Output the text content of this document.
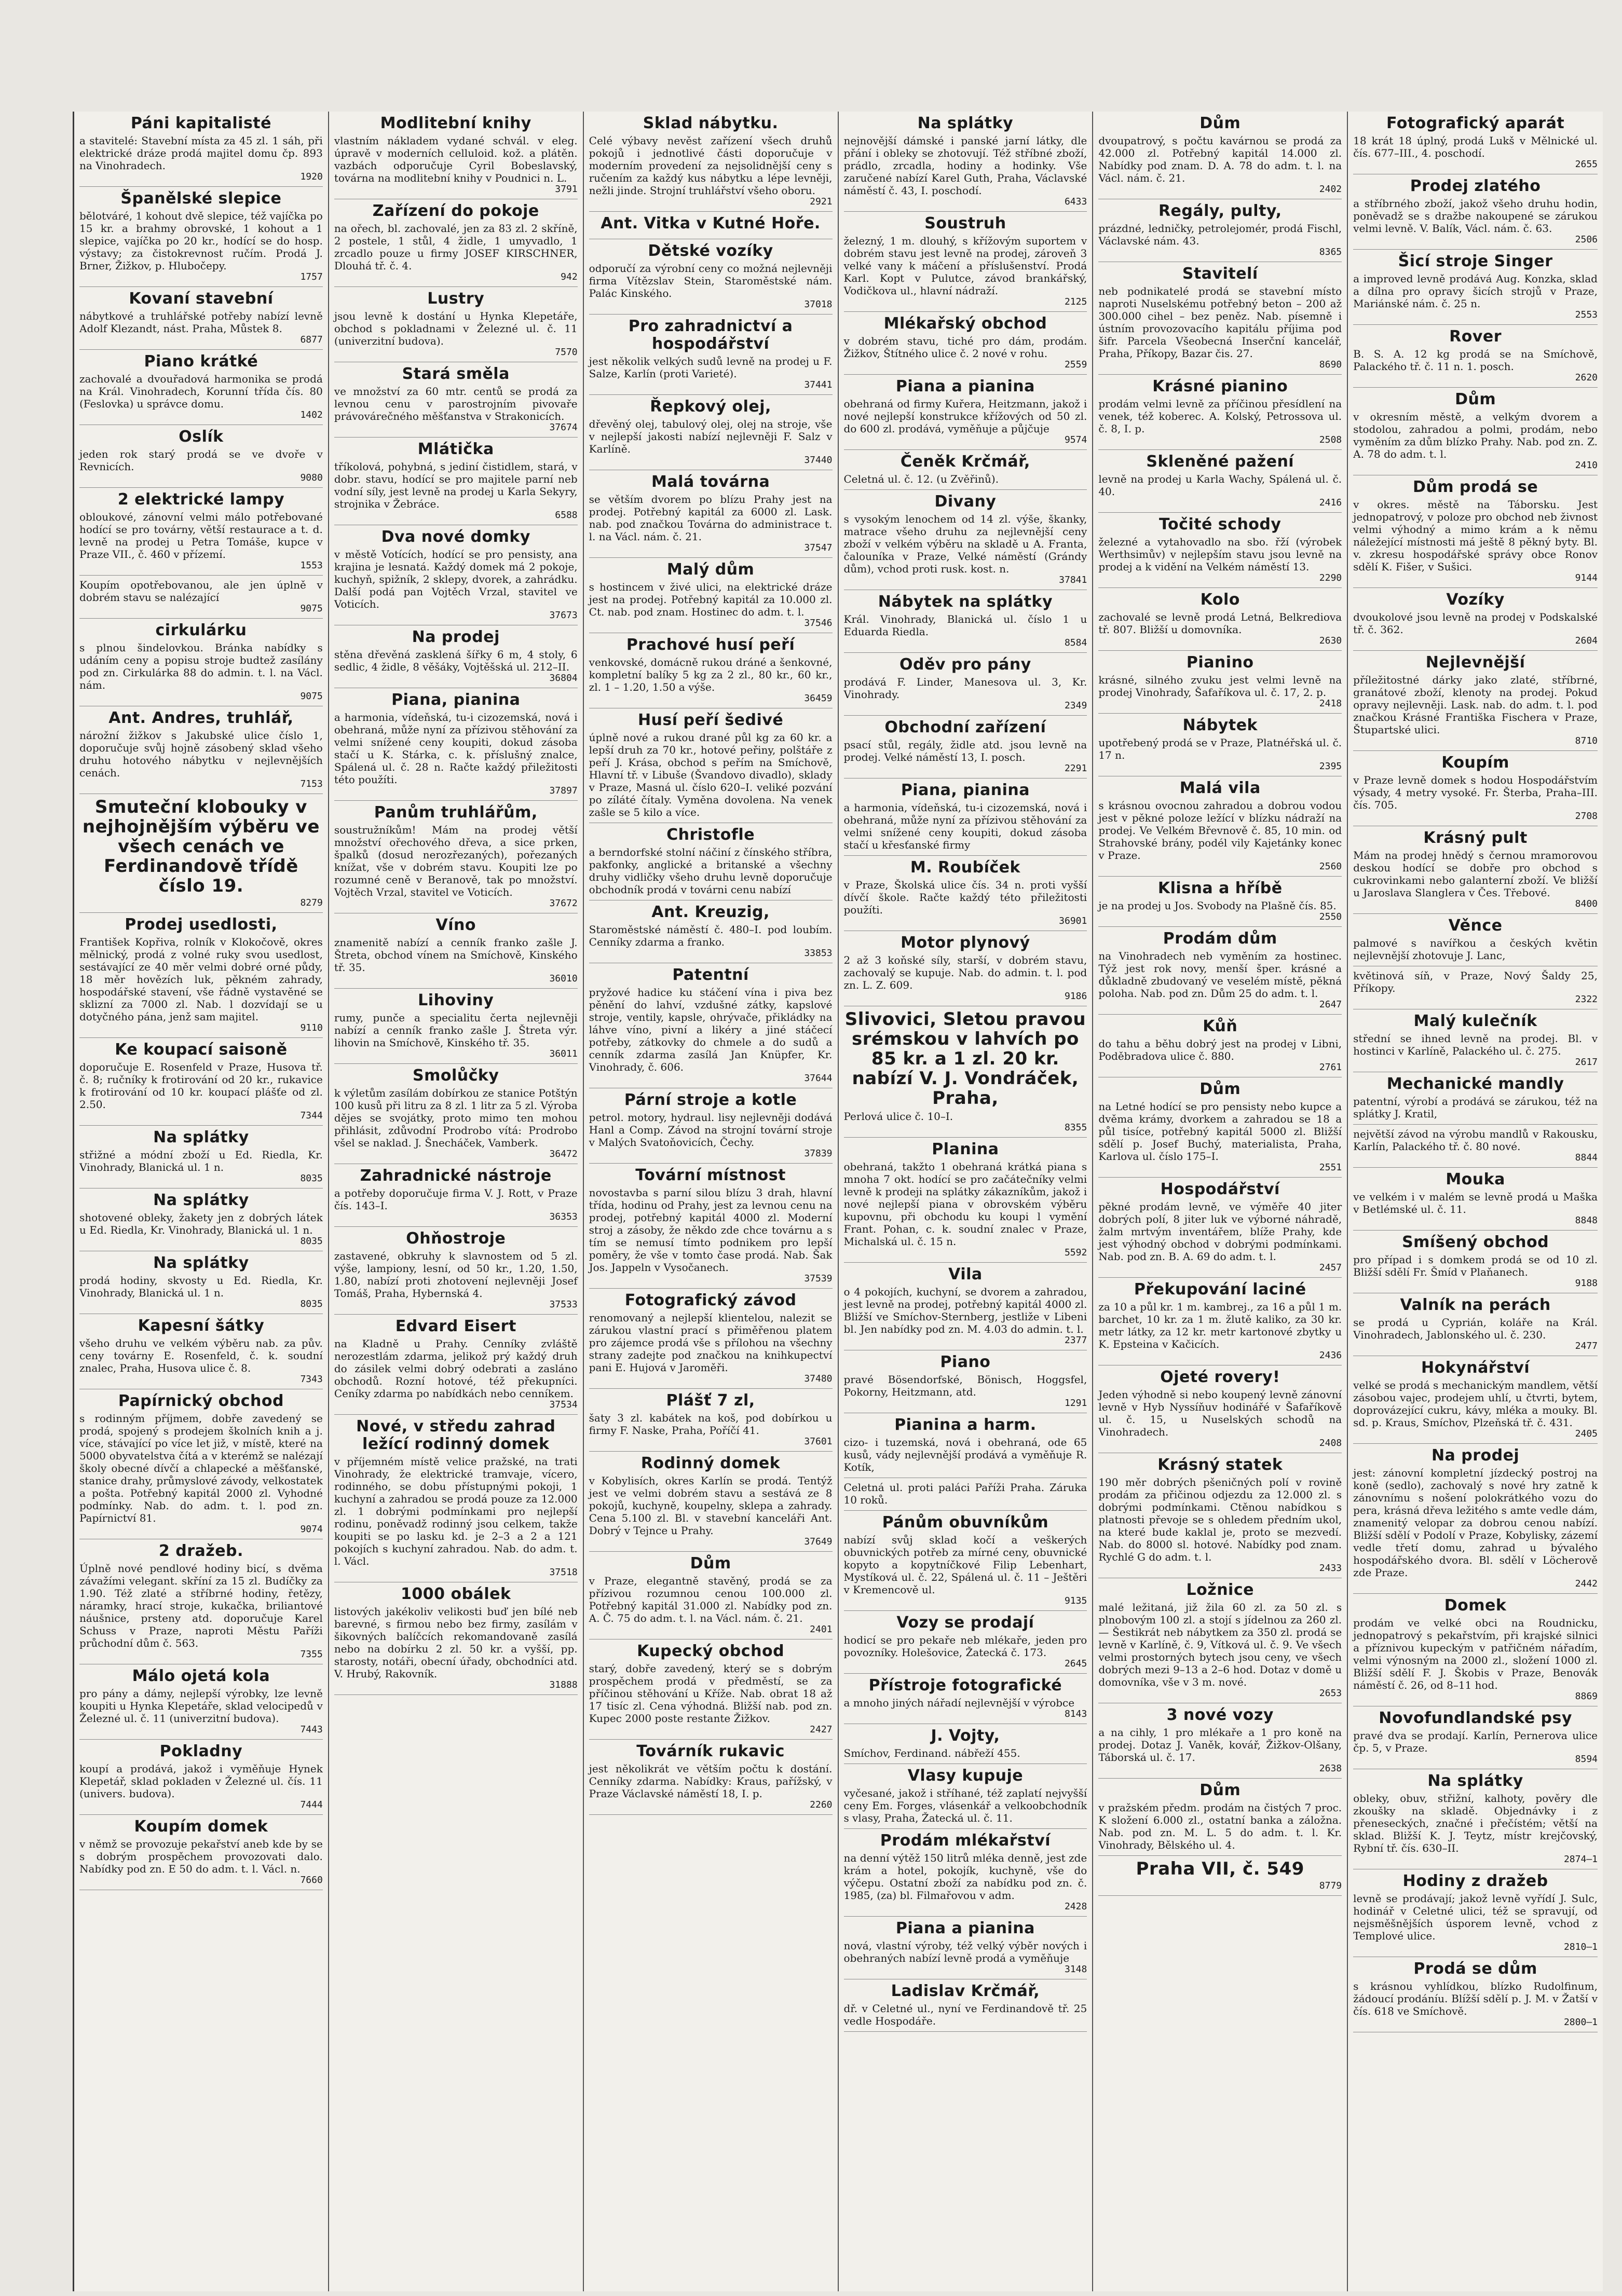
Páni kapitalisté

a stavitelé: Stavební místa za 45 zl. 1 sáh, při elektrické dráze prodá majitel domu čp. 893 na Vinohradech.

1920
Španělské slepice

bělotváré, 1 kohout dvě slepice, též vajíčka po 15 kr. a brahmy obrovské, 1 kohout a 1 slepice, vajíčka po 20 kr., hodící se do hosp. výstavy; za čistokrevnost ručím. Prodá J. Brner, Žižkov, p. Hlubočepy.

1757
Kovaní stavební

nábytkové a truhlářské potřeby nabízí levně Adolf Klezandt, nást. Praha, Můstek 8.

6877
Piano krátké

zachovalé a dvouřadová harmonika se prodá na Král. Vinohradech, Korunní třída čís. 80 (Feslovka) u správce domu.

1402
Oslík

jeden rok starý prodá se ve dvoře v Revnicích.

9080
2 elektrické lampy

obloukové, zánovní velmi málo potřebované hodící se pro továrny, větší restaurace a t. d. levně na prodej u Petra Tomáše, kupce v Praze VII., č. 460 v přízemí.

1553

Koupím opotřebovanou, ale jen úplně v dobrém stavu se nalézající

9075
cirkulárku

s plnou šindelovkou. Bránka nabídky s udáním ceny a popisu stroje budtež zasílány pod zn. Cirkulárka 88 do admin. t. l. na Václ. nám.

9075
Ant. Andres, truhlář,

nárožní žižkov s Jakubské ulice číslo 1, doporučuje svůj hojně zásobený sklad všeho druhu hotového nábytku v nejlevnějších cenách.

7153
Smuteční klobouky v nejhojnějším výběru ve všech cenách ve Ferdinandově třídě číslo 19.
8279
Prodej usedlosti,

František Kopřiva, rolník v Klokočově, okres mělnický, prodá z volné ruky svou usedlost, sestávající ze 40 měr velmi dobré orné půdy, 18 měr hovězích luk, pěkném zahrady, hospodářské stavení, vše řádně vystavěné se sklizní za 7000 zl. Nab. l dozvídají se u dotyčného pána, jenž sam majitel.

9110
Ke koupací saisoně

doporučuje E. Rosenfeld v Praze, Husova tř. č. 8; ručníky k frotirování od 20 kr., rukavice k frotirování od 10 kr. koupací plášťe od zl. 2.50.

7344
Na splátky

střižné a módní zboží u Ed. Riedla, Kr. Vinohrady, Blanická ul. 1 n.

8035
Na splátky

shotovené obleky, žakety jen z dobrých látek u Ed. Riedla, Kr. Vinohrady, Blanická ul. 1 n.

8035
Na splátky

prodá hodiny, skvosty u Ed. Riedla, Kr. Vinohrady, Blanická ul. 1 n.

8035
Kapesní šátky

všeho druhu ve velkém výběru nab. za pův. ceny továrny E. Rosenfeld, č. k. soudní znalec, Praha, Husova ulice č. 8.

7343
Papírnický obchod

s rodinným příjmem, dobře zavedený se prodá, spojený s prodejem školních knih a j. více, stávající po více let již, v místě, které na 5000 obyvatelstva čítá a v kterémž se nalézají školy obecné dívčí a chlapecké a měšťanské, stanice drahy, průmyslové závody, velkostatek a pošta. Potřebný kapitál 2000 zl. Vyhodné podmínky. Nab. do adm. t. l. pod zn. Papírnictví 81.

9074
2 dražeb.

Úplně nové pendlové hodiny bicí, s dvěma závažími velegant. skříní za 15 zl. Budíčky za 1.90. Též zlaté a stříbrné hodiny, řetězy, náramky, hrací stroje, kukačka, briliantové náušnice, prsteny atd. doporučuje Karel Schuss v Praze, naproti Městu Paříži průchodní dům č. 563.

7355
Málo ojetá kola

pro pány a dámy, nejlepší výrobky, lze levně koupiti u Hynka Klepetáře, sklad velocipedů v Železné ul. č. 11 (univerzitní budova).

7443
Pokladny

koupí a prodává, jakož i vyměňuje Hynek Klepetář, sklad pokladen v Železné ul. čís. 11 (univers. budova).

7444
Koupím domek

v němž se provozuje pekařství aneb kde by se s dobrým prospěchem provozovati dalo. Nabídky pod zn. E 50 do adm. t. l. Václ. n.

7660
Modlitební knihy

vlastním nákladem vydané schvál. v eleg. úpravě v moderních celluloid. kož. a plátěn. vazbách odporučuje Cyril Bobeslavský, továrna na modlitební knihy v Poudnici n. L.

3791
Zařízení do pokoje

na ořech, bl. zachovalé, jen za 83 zl. 2 skříně, 2 postele, 1 stůl, 4 židle, 1 umyvadlo, 1 zrcadlo pouze u firmy JOSEF KIRSCHNER, Dlouhá tř. č. 4.

942
Lustry

jsou levně k dostání u Hynka Klepetáře, obchod s pokladnami v Železné ul. č. 11 (univerzitní budova).

7570
Stará směla

ve množství za 60 mtr. centů se prodá za levnou cenu v parostrojním pivovaře právovárečného měšťanstva v Strakonicích.

37674
Mlátička

tříkolová, pohybná, s jediní čistidlem, stará, v dobr. stavu, hodící se pro majitele parní neb vodní síly, jest levně na prodej u Karla Sekyry, strojnika v Žebráce.

6588
Dva nové domky

v městě Votících, hodící se pro pensisty, ana krajina je lesnatá. Každý domek má 2 pokoje, kuchyň, spižník, 2 sklepy, dvorek, a zahrádku. Další podá pan Vojtěch Vrzal, stavitel ve Voticích.

37673
Na prodej

stěna dřevěná zasklená šířky 6 m, 4 stoly, 6 sedlic, 4 židle, 8 věšáky, Vojtěšská ul. 212–II.

36804
Piana, pianina

a harmonia, vídeňská, tu-i cizozemská, nová i obehraná, může nyní za přízivou stěhování za velmi snížené ceny koupiti, dokud zásoba stačí u K. Stárka, c. k. příslušný znalce, Spálená ul. č. 28 n. Račte každý přiležitosti této použíti.

37897
Panům truhlářům,

soustružníkům! Mám na prodej větší množství ořechového dřeva, a sice prken, špalků (dosud nerozřezaných), pořezaných knížat, vše v dobrém stavu. Koupiti lze po rozumné ceně v Beranově, tak po množství. Vojtěch Vrzal, stavitel ve Voticích.

37672
Víno

znamenitě nabízí a cenník franko zašle J. Štreta, obchod vínem na Smíchově, Kinského tř. 35.

36010
Lihoviny

rumy, punče a specialitu čerta nejlevněji nabízí a cenník franko zašle J. Štreta výr. lihovin na Smíchově, Kinského tř. 35.

36011
Smolůčky

k výletům zasílám dobírkou ze stanice Potštýn 100 kusů při litru za 8 zl. 1 litr za 5 zl. Výroba dějes se svojátky, proto mimo ten mohou přihlásit, zdůvodní Prodrobo vítá: Prodrobo všel se naklad. J. Šnecháček, Vamberk.

36472
Zahradnické nástroje

a potřeby doporučuje firma V. J. Rott, v Praze čís. 143–I.

36353
Ohňostroje

zastavené, obkruhy k slavnostem od 5 zl. výše, lampiony, lesní, od 50 kr., 1.20, 1.50, 1.80, nabízí proti zhotovení nejlevněji Josef Tomáš, Praha, Hybernská 4.

37533
Edvard Eisert

na Kladně u Prahy. Cenníky zvláště nerozestlám zdarma, jelikož prý každý druh do zásilek velmi dobrý odebrati a zasláno obchodů. Rozní hotové, též překupníci. Ceníky zdarma po nabídkách nebo cenníkem.

37534
Nové, v středu zahrad ležící rodinný domek

v příjemném místě velice pražské, na trati Vinohrady, že elektrické tramvaje, vícero, rodinného, se dobu přístupnými pokoji, 1 kuchyní a zahradou se prodá pouze za 12.000 zl. 1 dobrými podmínkami pro nejlepší rodinu, poněvadž rodinný jsou celkem, takže koupiti se po lasku kd. je 2–3 a 2 a 121 pokojích s kuchyní zahradou. Nab. do adm. t. l. Václ.

37518
1000 obálek

listových jakékoliv velikosti buď jen bílé neb barevné, s firmou nebo bez firmy, zasílám v šikovných balíčcích rekomandovaně zasílá nebo na dobírku 2 zl. 50 kr. a vyšší, pp. starosty, notáři, obecní úřady, obchodníci atd. V. Hrubý, Rakovník.

31888
Sklad nábytku.

Celé výbavy nevěst zařízení všech druhů pokojů i jednotlivé části doporučuje v moderním provedení za nejsolidnější ceny s ručením za každý kus nábytku a lépe levněji, nežli jinde. Strojní truhlářství všeho oboru.

2921
Ant. Vitka v Kutné Hoře.
Dětské vozíky

odporučí za výrobní ceny co možná nejlevněji firma Vítězslav Stein, Staroměstské nám. Palác Kinského.

37018
Pro zahradnictví a hospodářství

jest několik velkých sudů levně na prodej u F. Salze, Karlín (proti Varieté).

37441
Řepkový olej,

dřevěný olej, tabulový olej, olej na stroje, vše v nejlepší jakosti nabízí nejlevněji F. Salz v Karlíně.

37440
Malá továrna

se větším dvorem po blízu Prahy jest na prodej. Potřebný kapitál za 6000 zl. Lask. nab. pod značkou Továrna do administrace t. l. na Václ. nám. č. 21.

37547
Malý dům

s hostincem v živé ulici, na elektrické dráze jest na prodej. Potřebný kapitál za 10.000 zl. Ct. nab. pod znam. Hostinec do adm. t. l.

37546
Prachové husí peří

venkovské, domácně rukou dráné a šenkovné, kompletní balíky 5 kg za 2 zl., 80 kr., 60 kr., zl. 1 – 1.20, 1.50 a výše.

36459
Husí peří šedivé

úplně nové a rukou drané půl kg za 60 kr. a lepší druh za 70 kr., hotové peřiny, polštáře z peří J. Krása, obchod s peřím na Smíchově, Hlavní tř. v Libuše (Švandovo divadlo), sklady v Praze, Masná ul. číslo 620–I. veliké pozvání po zíláté čítaly. Vyměna dovolena. Na venek zašle se 5 kilo a více.

Christofle

a berndorfské stolní náčiní z čínského stříbra, pakfonky, anglické a britanské a všechny druhy vidličky všeho druhu levně doporučuje obchodník prodá v továrni cenu nabízí

Ant. Kreuzig,

Staroměstské náměstí č. 480–I. pod loubím. Cenníky zdarma a franko.

33853
Patentní

pryžové hadice ku stáčení vína i piva bez pěnění do lahví, vzdušné zátky, kapslové stroje, ventily, kapsle, ohrývače, přikládky na láhve víno, pivní a likéry a jiné stáčecí potřeby, zátkovky do chmele a do sudů a cenník zdarma zasílá Jan Knüpfer, Kr. Vinohrady, č. 606.

37644
Pární stroje a kotle

petrol. motory, hydraul. lisy nejlevněji dodává Hanl a Comp. Závod na strojní tovární stroje v Malých Svatoňovicích, Čechy.

37839
Tovární místnost

novostavba s parní silou blízu 3 drah, hlavní třída, hodinu od Prahy, jest za levnou cenu na prodej, potřebný kapitál 4000 zl. Moderní stroj a zásoby, že někdo zde chce továrnu a s tím se nemusí tímto podnikem pro lepší poměry, že vše v tomto čase prodá. Nab. Šak Jos. Jappeln v Vysočanech.

37539
Fotografický závod

renomovaný a nejlepší klientelou, nalezit se zárukou vlastní prací s přiměřenou platem pro zájemce prodá vše s přílohou na všechny strany zadejte pod značkou na knihkupectví pani E. Hujová v Jaroměři.

37480
Plášť 7 zl,

šaty 3 zl. kabátek na koš, pod dobírkou u firmy F. Naske, Praha, Poříčí 41.

37601
Rodinný domek

v Kobylisích, okres Karlín se prodá. Tentýž jest ve velmi dobrém stavu a sestává ze 8 pokojů, kuchyně, koupelny, sklepa a zahrady. Cena 5.100 zl. Bl. v stavební kanceláři Ant. Dobrý v Tejnce u Prahy.

37649
Dům

v Praze, elegantně stavěný, prodá se za přízivou rozumnou cenou 100.000 zl. Potřebný kapitál 31.000 zl. Nabídky pod zn. A. Č. 75 do adm. t. l. na Václ. nám. č. 21.

2401
Kupecký obchod

starý, dobře zavedený, který se s dobrým prospěchem prodá v předměstí, se za příčinou stěhování u Kříže. Nab. obrat 18 až 17 tisíc zl. Cena výhodná. Bližší nab. pod zn. Kupec 2000 poste restante Žižkov.

2427
Továrník rukavic

jest několikrát ve větším počtu k dostání. Cenníky zdarma. Nabídky: Kraus, pařížský, v Praze Václavské náměstí 18, I. p.

2260
Na splátky

nejnovější dámské i panské jarní látky, dle přání i obleky se zhotovují. Též stříbné zboží, prádlo, zrcadla, hodiny a hodinky. Vše zaručené nabízí Karel Guth, Praha, Václavské náměstí č. 43, I. poschodí.

6433
Soustruh

železný, 1 m. dlouhý, s křížovým suportem v dobrém stavu jest levně na prodej, zároveň 3 velké vany k máčení a příslušenství. Prodá Karl. Kopt v Pulutce, závod brankářský, Vodičkova ul., hlavní nádraží.

2125
Mlékařský obchod

v dobrém stavu, tiché pro dám, prodám. Žižkov, Štítného ulice č. 2 nové v rohu.

2559
Piana a pianina

obehraná od firmy Kuřera, Heitzmann, jakož i nové nejlepší konstrukce křížových od 50 zl. do 600 zl. prodává, vyměňuje a půjčuje

9574
Čeněk Krčmář,

Celetná ul. č. 12. (u Zvěřinů).

Divany

s vysokým lenochem od 14 zl. výše, škanky, matrace všeho druhu za nejlevnější ceny zboží v velkém výběru na skladě u A. Franta, čalouníka v Praze, Velké náměstí (Grándy dům), vchod proti rusk. kost. n.

37841
Nábytek na splátky

Král. Vinohrady, Blanická ul. číslo 1 u Eduarda Riedla.

8584
Oděv pro pány

prodává F. Linder, Manesova ul. 3, Kr. Vinohrady.

2349
Obchodní zařízení

psací stůl, regály, židle atd. jsou levně na prodej. Velké náměstí 13, I. posch.

2291
Piana, pianina

a harmonia, vídeňská, tu-i cizozemská, nová i obehraná, může nyní za přízivou stěhování za velmi snížené ceny koupiti, dokud zásoba stačí u křesťanské firmy

M. Roubíček

v Praze, Školská ulice čís. 34 n. proti vyšší dívčí škole. Račte každý této přiležitosti použíti.

36901
Motor plynový

2 až 3 koňské síly, starší, v dobrém stavu, zachovalý se kupuje. Nab. do admin. t. l. pod zn. L. Z. 609.

9186
Slivovici, Sletou pravou srémskou v lahvích po 85 kr. a 1 zl. 20 kr. nabízí V. J. Vondráček, Praha,

Perlová ulice č. 10–I.

8355
Planina

obehraná, takžto 1 obehraná krátká piana s mnoha 7 okt. hodící se pro začátečníky velmi levně k prodeji na splátky zákazníkům, jakož i nové nejlepší piana v obrovském výběru kupovnu, při obchodu ku koupi l vymění Frant. Pohan, c. k. soudní znalec v Praze, Michalská ul. č. 15 n.

5592
Vila

o 4 pokojích, kuchyní, se dvorem a zahradou, jest levně na prodej, potřebný kapitál 4000 zl. Bližší ve Smíchov-Sternberg, jestliže v Libeni bl. Jen nabídky pod zn. M. 4.03 do admin. t. l.

2377
Piano

pravé Bösendorfské, Bönisch, Hoggsfel, Pokorny, Heitzmann, atd.

1291
Pianina a harm.

cizo- i tuzemská, nová i obehraná, ode 65 kusů, vády nejlevnější prodává a vyměňuje R. Kotík,

Celetná ul. proti paláci Paříži Praha. Záruka 10 roků.

Pánům obuvníkům

nabízí svůj sklad kočí a veškerých obuvnických potřeb za mírné ceny, obuvnické kopyto a kopytníčkové Filip Lebenhart, Mystíková ul. č. 22, Spálená ul. č. 11 – Ještěri v Kremencově ul.

9135
Vozy se prodají

hodicí se pro pekaře neb mlékaře, jeden pro povozníky. Holešovice, Žatecká č. 173.

2645
Přístroje fotografické

a mnoho jiných nářadí nejlevnější v výrobce

8143
J. Vojty,

Smíchov, Ferdinand. nábřeží 455.

Vlasy kupuje

vyčesané, jakož i stříhané, též zaplatí nejvyšší ceny Em. Forges, vlásenkář a velkoobchodník s vlasy, Praha, Žatecká ul. č. 11.

Prodám mlékařství

na denní výtěž 150 litrů mléka denně, jest zde krám a hotel, pokojík, kuchyně, vše do výčepu. Ostatní zboží za nabídku pod zn. č. 1985, (za) bl. Filmařovou v adm.

2428
Piana a pianina

nová, vlastní výroby, též velký výběr nových i obehraných nabízí levně prodá a vyměňuje

3148
Ladislav Krčmář,

dř. v Celetné ul., nyní ve Ferdinandově tř. 25 vedle Hospodáře.

Dům

dvoupatrový, s počtu kavárnou se prodá za 42.000 zl. Potřebný kapitál 14.000 zl. Nabídky pod znam. D. A. 78 do adm. t. l. na Václ. nám. č. 21.

2402
Regály, pulty,

prázdné, ledničky, petrolejomér, prodá Fischl, Václavské nám. 43.

8365
Stavitelí

neb podnikatelé prodá se stavební místo naproti Nuselskému potřebný beton – 200 až 300.000 cihel – bez peněz. Nab. písemně i ústním provozovacího kapitálu příjima pod šifr. Parcela Všeobecná Inserční kancelář, Praha, Příkopy, Bazar čis. 27.

8690
Krásné pianino

prodám velmi levně za příčinou přesídlení na venek, též koberec. A. Kolský, Petrossova ul. č. 8, I. p.

2508
Skleněné pažení

levně na prodej u Karla Wachy, Spálená ul. č. 40.

2416
Točité schody

železné a vytahovadlo na sbo. řží (výrobek Werthsimův) v nejlepším stavu jsou levně na prodej a k vidění na Velkém náměstí 13.

2290
Kolo

zachovalé se levně prodá Letná, Belkrediova tř. 807. Bližší u domovníka.

2630
Pianino

krásné, silného zvuku jest velmi levně na prodej Vinohrady, Šafaříkova ul. č. 17, 2. p.

2418
Nábytek

upotřebený prodá se v Praze, Platnéřská ul. č. 17 n.

2395
Malá vila

s krásnou ovocnou zahradou a dobrou vodou jest v pěkné poloze ležící v blízku nádraží na prodej. Ve Velkém Břevnově č. 85, 10 min. od Strahovské brány, podél vily Kajetánky konec v Praze.

2560
Klisna a hříbě

je na prodej u Jos. Svobody na Plašně čís. 85.

2550
Prodám dům

na Vinohradech neb vyměním za hostinec. Týž jest rok novy, menší šper. krásné a důkladně zbudovaný ve veselém místě, pěkná poloha. Nab. pod zn. Dům 25 do adm. t. l.

2647
Kůň

do tahu a běhu dobrý jest na prodej v Libni, Poděbradova ulice č. 880.

2761
Dům

na Letné hodící se pro pensisty nebo kupce a dvěma krámy, dvorkem a zahradou se 18 a půl tisíce, potřebný kapitál 5000 zl. Bližší sdělí p. Josef Buchý, materialista, Praha, Karlova ul. číslo 175–I.

2551
Hospodářství

pěkné prodám levně, ve výměře 40 jiter dobrých polí, 8 jiter luk ve výborné náhradě, žalm mrtvým inventářem, blíže Prahy, kde jest výhodný obchod v dobrými podmínkami. Nab. pod zn. B. A. 69 do adm. t. l.

2457
Překupování laciné

za 10 a půl kr. 1 m. kambrej., za 16 a půl 1 m. barchet, 10 kr. za 1 m. žlutě kaliko, za 30 kr. metr látky, za 12 kr. metr kartonové zbytky u K. Epsteina v Kačicích.

2436
Ojeté rovery!

Jeden výhodně si nebo koupený levně zánovní levně v Hyb Nyssíňuv hodinářé v Šafaříkově ul. č. 15, u Nuselských schodů na Vinohradech.

2408
Krásný statek

190 měr dobrých pšeničných polí v rovině prodám za přičinou odjezdu za 12.000 zl. s dobrými podmínkami. Ctěnou nabídkou s platnosti převoje se s ohledem předním ukol, na které bude kaklal je, proto se mezvedí. Nab. do 8000 sl. hotové. Nabídky pod znam. Rychlé G do adm. t. l.

2433
Ložnice

malé ležitaná, již žila 60 zl. za 50 zl. s plnobovým 100 zl. a stojí s jídelnou za 260 zl. — Šestikrát neb nábytkem za 350 zl. prodá se levně v Karlíně, č. 9, Vítková ul. č. 9. Ve všech velmi prostorných bytech jsou ceny, ve všech dobrých mezi 9–13 a 2–6 hod. Dotaz v domě u domovníka, vše v 3 m. nové.

2653
3 nové vozy

a na cihly, 1 pro mlékaře a 1 pro koně na prodej. Dotaz J. Vaněk, kovář, Žižkov-Olšany, Táborská ul. č. 17.

2638
Dům

v pražském předm. prodám na čistých 7 proc. K složení 6.000 zl., ostatní banka a záložna. Nab. pod zn. M. L. 5 do adm. t. l. Kr. Vinohrady, Bělského ul. 4.

Praha VII, č. 549
8779
Fotografický aparát

18 krát 18 úplný, prodá Lukš v Mělnické ul. čís. 677–III., 4. poschodí.

2655
Prodej zlatého

a stříbrného zboží, jakož všeho druhu hodin, poněvadž se s dražbe nakoupené se zárukou velmi levně. V. Balík, Václ. nám. č. 63.

2506
Šicí stroje Singer

a improved levně prodává Aug. Konzka, sklad a dílna pro opravy šicích strojů v Praze, Mariánské nám. č. 25 n.

2553
Rover

B. S. A. 12 kg prodá se na Smíchově, Palackého tř. č. 11 n. 1. posch.

2620
Dům

v okresním městě, a velkým dvorem a stodolou, zahradou a polmi, prodám, nebo vyměním za dům blízko Prahy. Nab. pod zn. Z. A. 78 do adm. t. l.

2410
Dům prodá se

v okres. městě na Táborsku. Jest jednopatrový, v poloze pro obchod neb živnost velmi výhodný a mimo krám a k němu náležející místnosti má ještě 8 pěkný byty. Bl. v. zkresu hospodářské správy obce Ronov sdělí K. Fišer, v Sušici.

9144
Vozíky

dvoukolové jsou levně na prodej v Podskalské tř. č. 362.

2604
Nejlevnější

příležitostné dárky jako zlaté, stříbrné, granátové zboží, klenoty na prodej. Pokud opravy nejlevněji. Lask. nab. do adm. t. l. pod značkou Krásné Františka Fischera v Praze, Štupartské ulici.

8710
Koupím

v Praze levně domek s hodou Hospodářstvím výsady, 4 metry vysoké. Fr. Šterba, Praha–III. čís. 705.

2708
Krásný pult

Mám na prodej hnědý s černou mramorovou deskou hodící se dobře pro obchod s cukrovinkami nebo galanterní zboží. Ve bližší u Jaroslava Slanglera v Čes. Třebové.

8400
Věnce

palmové s navířkou a českých květin nejlevnější zhotovuje J. Lanc,

květinová síň, v Praze, Nový Šaldy 25, Příkopy.

2322
Malý kulečník

střední se ihned levně na prodej. Bl. v hostinci v Karlíně, Palackého ul. č. 275.

2617
Mechanické mandly

patentní, výrobí a prodává se zárukou, též na splátky J. Kratil,

největší závod na výrobu mandlů v Rakousku, Karlín, Palackého tř. č. 80 nové.

8844
Mouka

ve velkém i v malém se levně prodá u Maška v Betlémské ul. č. 11.

8848
Smíšený obchod

pro případ i s domkem prodá se od 10 zl. Bližší sdělí Fr. Šmíd v Plaňanech.

9188
Valník na perách

se prodá u Cyprián, koláře na Král. Vinohradech, Jablonského ul. č. 230.

2477
Hokynářství

velké se prodá s mechanickým mandlem, větší zásobou vajec, prodejem uhlí, u čtvrti, bytem, doprovázející cukru, kávy, mléka a mouky. Bl. sd. p. Kraus, Smíchov, Plzeňská tř. č. 431.

2405
Na prodej

jest: zánovní kompletní jízdecký postroj na koně (sedlo), zachovalý s nové hry zatně k zánovnímu s nošení polokrátkého vozu do pera, krásná dřeva ležitého s amte vedle dám, znamenitý velopar za dobrou cenou nabízí. Bližší sdělí v Podolí v Praze, Kobylisky, zázemí vedle třetí domu, zahrad u bývalého hospodářského dvora. Bl. sdělí v Löcherově zde Praze.

2442
Domek

prodám ve velké obci na Roudnicku, jednopatrový s pekařstvím, při krajské silnici a příznivou kupeckým v patřičném nářadím, velmi výnosným na 2000 zl., složení 1000 zl. Bližší sdělí F. J. Škobis v Praze, Benovák náměstí č. 26, od 8–11 hod.

8869
Novofundlandské psy

pravé dva se prodají. Karlín, Pernerova ulice čp. 5, v Praze.

8594
Na splátky

obleky, obuv, střižní, kalhoty, pověry dle zkoušky na skladě. Objednávky i z přeneseckých, značné i přečístém; větší na sklad. Bližší K. J. Teytz, místr krejčovský, Rybní tř. čís. 630–II.

2874–1
Hodiny z dražeb

levně se prodávají; jakož levně vyřídí J. Sulc, hodinář v Celetné ulici, též se spravují, od nejsměšnějších úsporem levně, vchod z Templové ulice.

2810–1
Prodá se dům

s krásnou vyhlídkou, blízko Rudolfinum, žádoucí prodáníu. Blížší sdělí p. J. M. v Žatší v čís. 618 ve Smíchově.

2800–1
